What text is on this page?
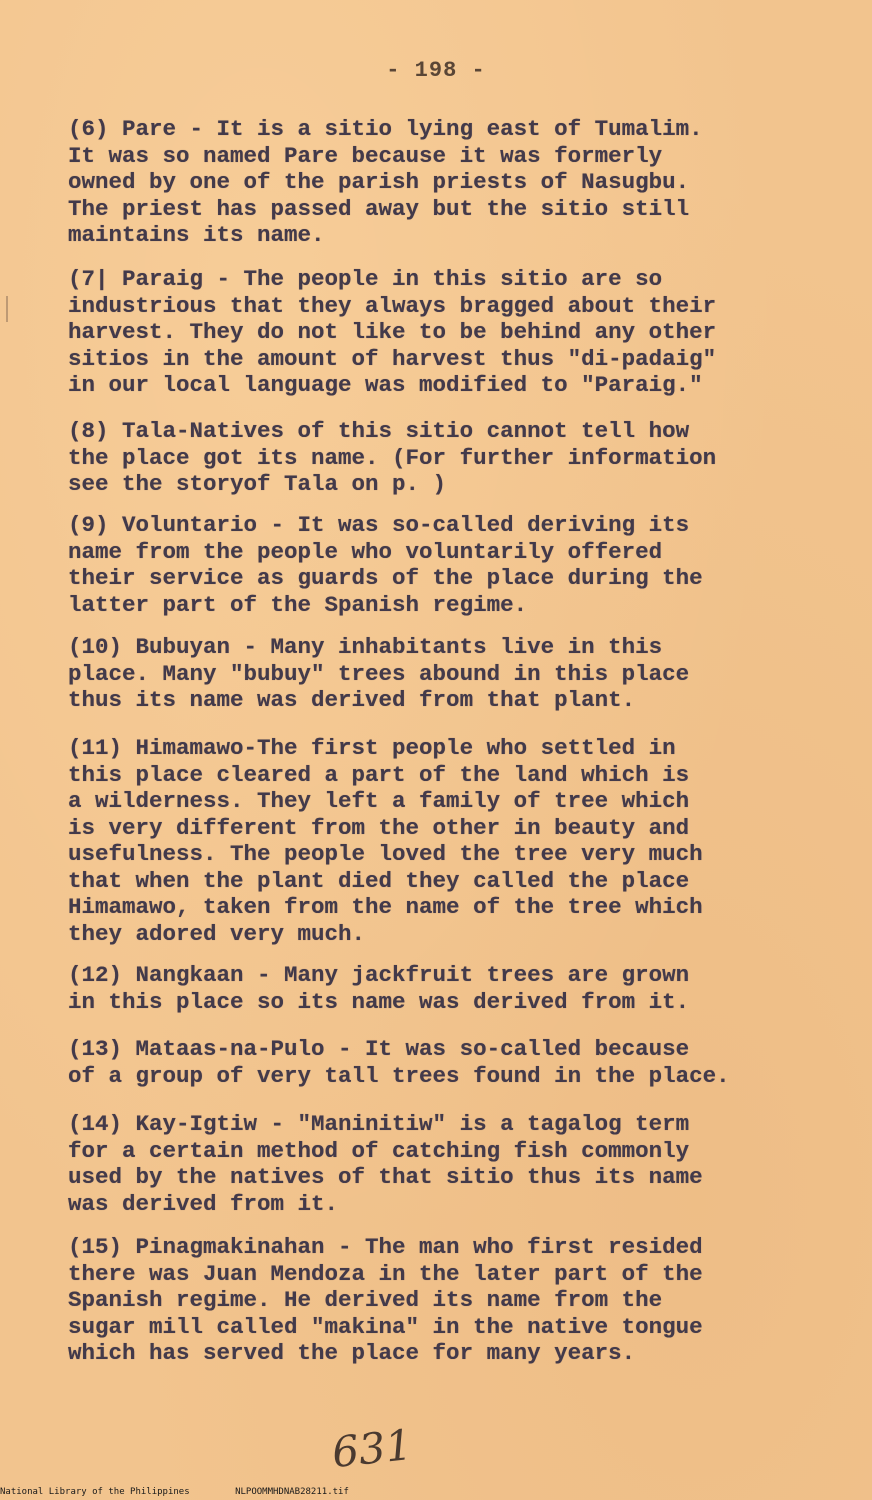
- 198 -

(6) Pare - It is a sitio lying east of Tumalim.
It was so named Pare because it was formerly
owned by one of the parish priests of Nasugbu.
The priest has passed away but the sitio still
maintains its name.

(7| Paraig - The people in this sitio are so
industrious that they always bragged about their
harvest. They do not like to be behind any other
sitios in the amount of harvest thus "di-padaig"
in our local language was modified to "Paraig."

(8) Tala-Natives of this sitio cannot tell how
the place got its name. (For further information
see the storyof Tala on p. )

(9) Voluntario - It was so-called deriving its
name from the people who voluntarily offered
their service as guards of the place during the
latter part of the Spanish regime.

(10) Bubuyan - Many inhabitants live in this
place. Many "bubuy" trees abound in this place
thus its name was derived from that plant.

(11) Himamawo-The first people who settled in
this place cleared a part of the land which is
a wilderness. They left a family of tree which
is very different from the other in beauty and
usefulness. The people loved the tree very much
that when the plant died they called the place
Himamawo, taken from the name of the tree which
they adored very much.

(12) Nangkaan - Many jackfruit trees are grown
in this place so its name was derived from it.

(13) Mataas-na-Pulo - It was so-called because
of a group of very tall trees found in the place.

(14) Kay-Igtiw - "Maninitiw" is a tagalog term
for a certain method of catching fish commonly
used by the natives of that sitio thus its name
was derived from it.

(15) Pinagmakinahan - The man who first resided
there was Juan Mendoza in the later part of the
Spanish regime. He derived its name from the
sugar mill called "makina" in the native tongue
which has served the place for many years.

631
National Library of the Philippines	NLPOOMMHDNAB28211.tif
